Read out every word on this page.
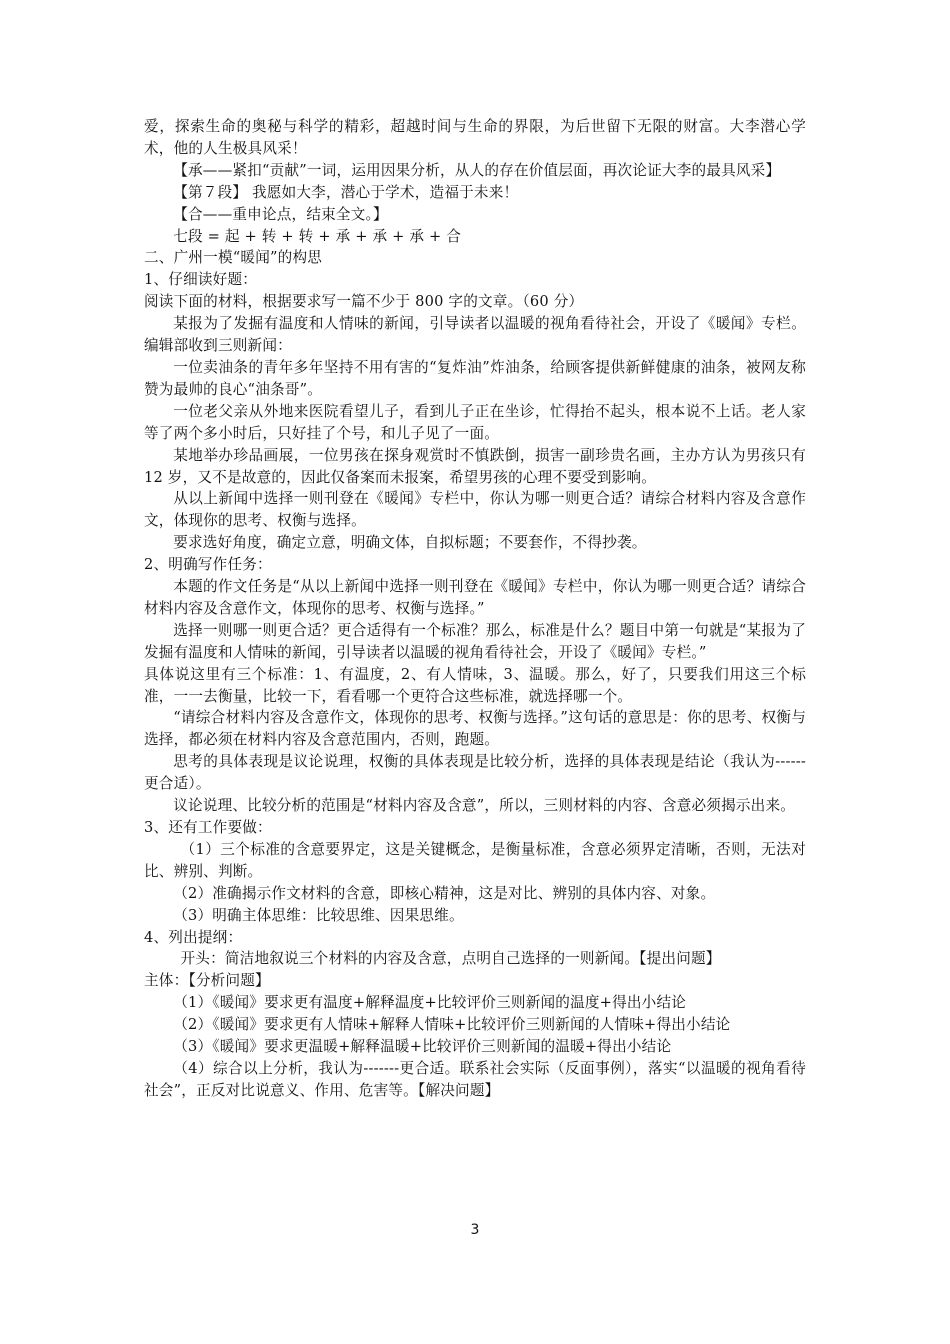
爱，探索生命的奥秘与科学的精彩，超越时间与生命的界限，为后世留下无限的财富。大李潜心学术，他的人生极具风采！

【承——紧扣“贡献”一词，运用因果分析，从人的存在价值层面，再次论证大李的最具风采】

【第７段】 我愿如大李，潜心于学术，造福于未来！

【合——重申论点，结束全文。】

七段 = 起 + 转 + 转 + 承 + 承 + 承 + 合

二、广州一模“暖闻”的构思

1、仔细读好题：

阅读下面的材料，根据要求写一篇不少于 800 字的文章。（60 分）

某报为了发掘有温度和人情味的新闻，引导读者以温暖的视角看待社会，开设了《暖闻》专栏。编辑部收到三则新闻：

一位卖油条的青年多年坚持不用有害的“复炸油”炸油条，给顾客提供新鲜健康的油条，被网友称赞为最帅的良心“油条哥”。

一位老父亲从外地来医院看望儿子，看到儿子正在坐诊，忙得抬不起头，根本说不上话。老人家等了两个多小时后，只好挂了个号，和儿子见了一面。

某地举办珍品画展，一位男孩在探身观赏时不慎跌倒，损害一副珍贵名画，主办方认为男孩只有 12 岁，又不是故意的，因此仅备案而未报案，希望男孩的心理不要受到影响。

从以上新闻中选择一则刊登在《暖闻》专栏中，你认为哪一则更合适？请综合材料内容及含意作文，体现你的思考、权衡与选择。

要求选好角度，确定立意，明确文体，自拟标题；不要套作，不得抄袭。

2、明确写作任务：

本题的作文任务是“从以上新闻中选择一则刊登在《暖闻》专栏中，你认为哪一则更合适？请综合材料内容及含意作文，体现你的思考、权衡与选择。”

选择一则哪一则更合适？更合适得有一个标准？那么，标准是什么？题目中第一句就是“某报为了发掘有温度和人情味的新闻，引导读者以温暖的视角看待社会，开设了《暖闻》专栏。”

具体说这里有三个标准：1、有温度，2、有人情味，3、温暖。那么，好了，只要我们用这三个标准，一一去衡量，比较一下，看看哪一个更符合这些标准，就选择哪一个。

“请综合材料内容及含意作文，体现你的思考、权衡与选择。”这句话的意思是：你的思考、权衡与选择，都必须在材料内容及含意范围内，否则，跑题。

思考的具体表现是议论说理，权衡的具体表现是比较分析，选择的具体表现是结论（我认为------更合适）。

议论说理、比较分析的范围是“材料内容及含意”，所以，三则材料的内容、含意必须揭示出来。

3、还有工作要做：

（1）三个标准的含意要界定，这是关键概念，是衡量标准，含意必须界定清晰，否则，无法对比、辨别、判断。

（2）准确揭示作文材料的含意，即核心精神，这是对比、辨别的具体内容、对象。

（3）明确主体思维：比较思维、因果思维。

4、列出提纲：

开头：简洁地叙说三个材料的内容及含意，点明自己选择的一则新闻。【提出问题】

主体：【分析问题】

（1）《暖闻》要求更有温度+解释温度+比较评价三则新闻的温度+得出小结论

（2）《暖闻》要求更有人情味+解释人情味+比较评价三则新闻的人情味+得出小结论

（3）《暖闻》要求更温暖+解释温暖+比较评价三则新闻的温暖+得出小结论

（4）综合以上分析，我认为-------更合适。联系社会实际（反面事例），落实“以温暖的视角看待社会”，正反对比说意义、作用、危害等。【解决问题】

3
